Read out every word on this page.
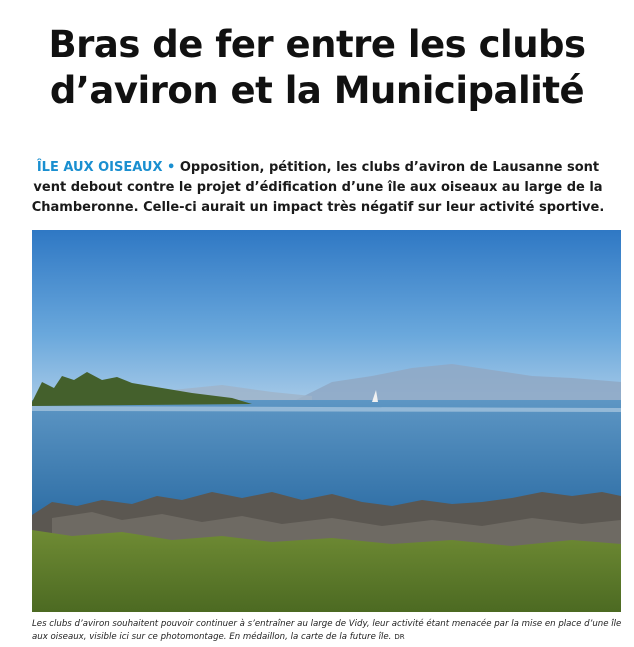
Bras de fer entre les clubs
d’aviron et la Municipalité
ÎLE AUX OISEAUX • Opposition, pétition, les clubs d’aviron de Lausanne sont vent debout contre le projet d’édification d’une île aux oiseaux au large de la Chamberonne. Celle-ci aurait un impact très négatif sur leur activité sportive.
Les clubs d’aviron souhaitent pouvoir continuer à s’entraîner au large de Vidy, leur activité étant menacée par la mise en place d’une île aux oiseaux, visible ici sur ce photomontage. En médaillon, la carte de la future île. DR
